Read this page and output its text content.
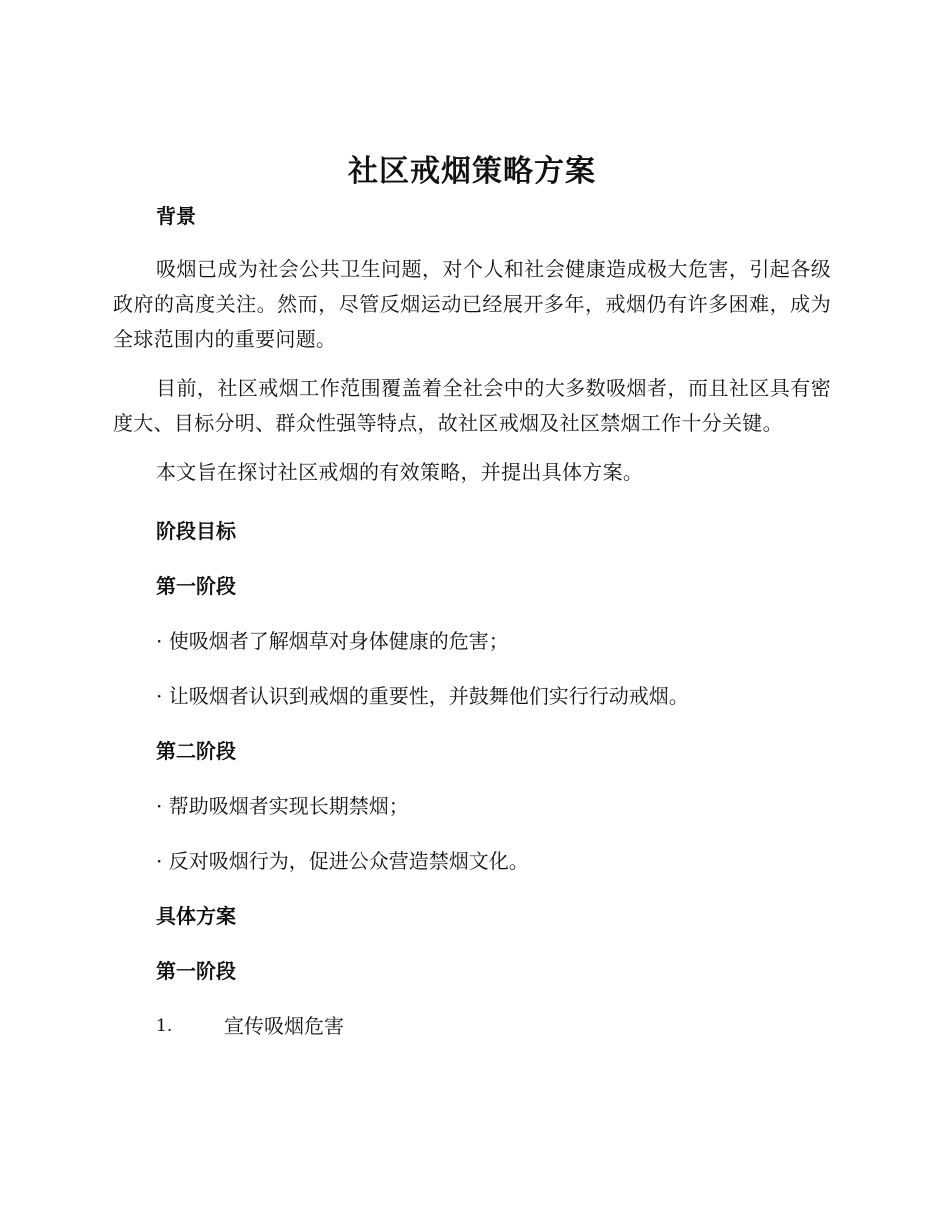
社区戒烟策略方案

背景

吸烟已成为社会公共卫生问题，对个人和社会健康造成极大危害，引起各级政府的高度关注。然而，尽管反烟运动已经展开多年，戒烟仍有许多困难，成为全球范围内的重要问题。

目前，社区戒烟工作范围覆盖着全社会中的大多数吸烟者，而且社区具有密度大、目标分明、群众性强等特点，故社区戒烟及社区禁烟工作十分关键。

本文旨在探讨社区戒烟的有效策略，并提出具体方案。

阶段目标

第一阶段

· 使吸烟者了解烟草对身体健康的危害；

· 让吸烟者认识到戒烟的重要性，并鼓舞他们实行行动戒烟。

第二阶段

· 帮助吸烟者实现长期禁烟；

· 反对吸烟行为，促进公众营造禁烟文化。

具体方案

第一阶段

1.	宣传吸烟危害
